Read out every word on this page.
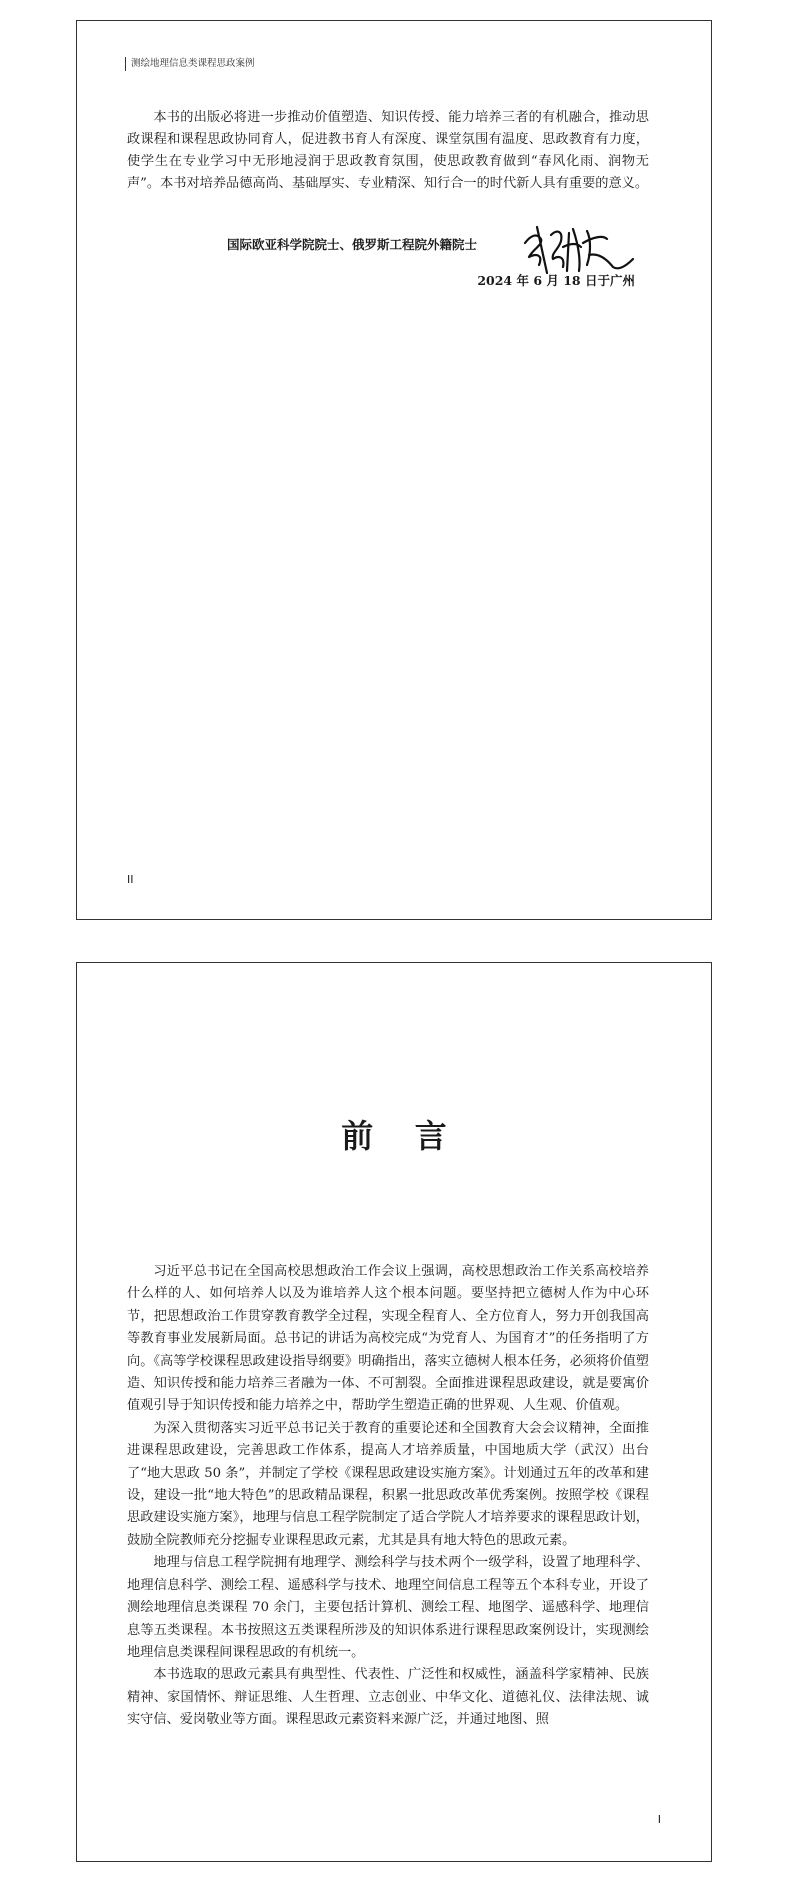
测绘地理信息类课程思政案例

本书的出版必将进一步推动价值塑造、知识传授、能力培养三者的有机融合，推动思政课程和课程思政协同育人，促进教书育人有深度、课堂氛围有温度、思政教育有力度，使学生在专业学习中无形地浸润于思政教育氛围，使思政教育做到“春风化雨、润物无声”。本书对培养品德高尚、基础厚实、专业精深、知行合一的时代新人具有重要的意义。

国际欧亚科学院院士、俄罗斯工程院外籍院士
2024 年 6 月 18 日于广州
II
前言

习近平总书记在全国高校思想政治工作会议上强调，高校思想政治工作关系高校培养什么样的人、如何培养人以及为谁培养人这个根本问题。要坚持把立德树人作为中心环节，把思想政治工作贯穿教育教学全过程，实现全程育人、全方位育人，努力开创我国高等教育事业发展新局面。总书记的讲话为高校完成“为党育人、为国育才”的任务指明了方向。《高等学校课程思政建设指导纲要》明确指出，落实立德树人根本任务，必须将价值塑造、知识传授和能力培养三者融为一体、不可割裂。全面推进课程思政建设，就是要寓价值观引导于知识传授和能力培养之中，帮助学生塑造正确的世界观、人生观、价值观。

为深入贯彻落实习近平总书记关于教育的重要论述和全国教育大会会议精神，全面推进课程思政建设，完善思政工作体系，提高人才培养质量，中国地质大学（武汉）出台了“地大思政 50 条”，并制定了学校《课程思政建设实施方案》。计划通过五年的改革和建设，建设一批“地大特色”的思政精品课程，积累一批思政改革优秀案例。按照学校《课程思政建设实施方案》，地理与信息工程学院制定了适合学院人才培养要求的课程思政计划，鼓励全院教师充分挖掘专业课程思政元素，尤其是具有地大特色的思政元素。

地理与信息工程学院拥有地理学、测绘科学与技术两个一级学科，设置了地理科学、地理信息科学、测绘工程、遥感科学与技术、地理空间信息工程等五个本科专业，开设了测绘地理信息类课程 70 余门，主要包括计算机、测绘工程、地图学、遥感科学、地理信息等五类课程。本书按照这五类课程所涉及的知识体系进行课程思政案例设计，实现测绘地理信息类课程间课程思政的有机统一。

本书选取的思政元素具有典型性、代表性、广泛性和权威性，涵盖科学家精神、民族精神、家国情怀、辩证思维、人生哲理、立志创业、中华文化、道德礼仪、法律法规、诚实守信、爱岗敬业等方面。课程思政元素资料来源广泛，并通过地图、照

I
